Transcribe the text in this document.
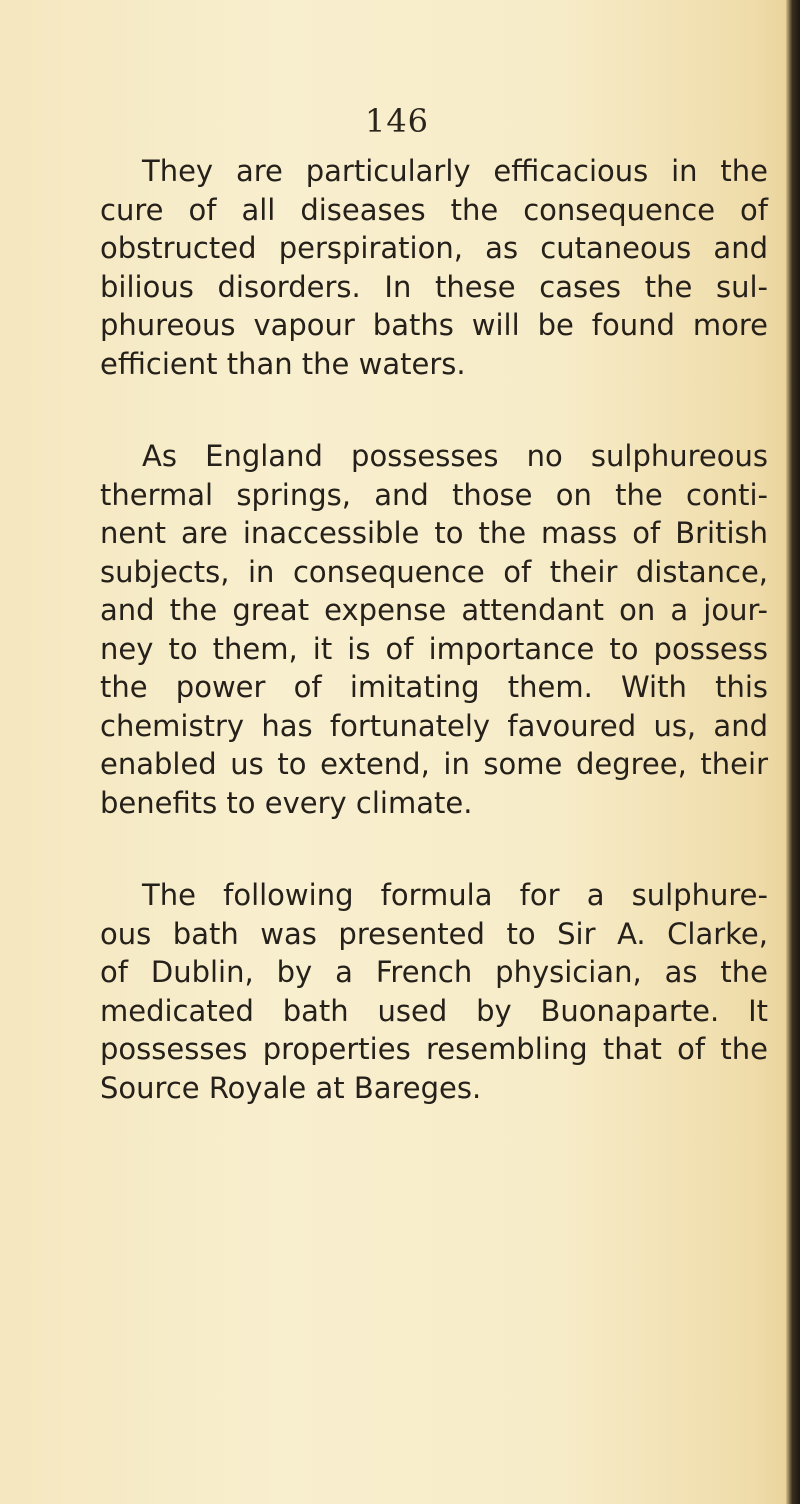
146
They are particularly efficacious in the
cure of all diseases the consequence of
obstructed perspiration, as cutaneous and
bilious disorders. In these cases the sul-
phureous vapour baths will be found more
efficient than the waters.
As England possesses no sulphureous
thermal springs, and those on the conti-
nent are inaccessible to the mass of British
subjects, in consequence of their distance,
and the great expense attendant on a jour-
ney to them, it is of importance to possess
the power of imitating them. With this
chemistry has fortunately favoured us, and
enabled us to extend, in some degree, their
benefits to every climate.
The following formula for a sulphure-
ous bath was presented to Sir A. Clarke,
of Dublin, by a French physician, as the
medicated bath used by Buonaparte. It
possesses properties resembling that of the
Source Royale at Bareges.
